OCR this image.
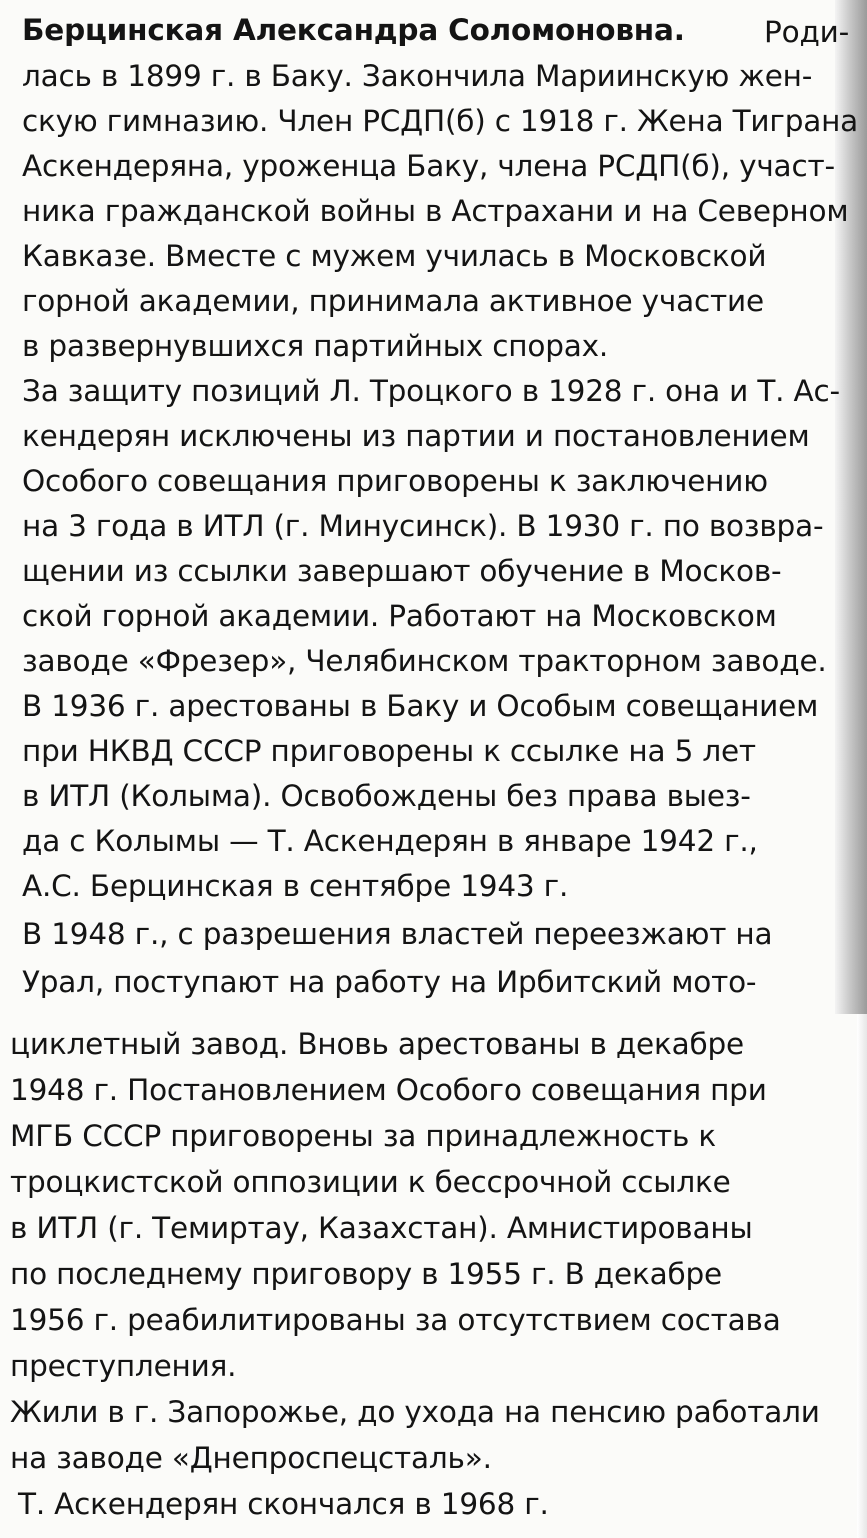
Берцинская Александра Соломоновна.	Роди-
лась в 1899 г. в Баку. Закончила Мариинскую жен-
скую гимназию. Член РСДП(б) с 1918 г. Жена Тиграна
Аскендеряна, уроженца Баку, члена РСДП(б), участ-
ника гражданской войны в Астрахани и на Северном
Кавказе. Вместе с мужем училась в Московской
горной академии, принимала активное участие
в развернувшихся партийных спорах.
За защиту позиций Л. Троцкого в 1928 г. она и Т. Ас-
кендерян исключены из партии и постановлением
Особого совещания приговорены к заключению
на 3 года в ИТЛ (г. Минусинск). В 1930 г. по возвра-
щении из ссылки завершают обучение в Москов-
ской горной академии. Работают на Московском
заводе «Фрезер», Челябинском тракторном заводе.
В 1936 г. арестованы в Баку и Особым совещанием
при НКВД СССР приговорены к ссылке на 5 лет
в ИТЛ (Колыма). Освобождены без права выез-
да с Колымы — Т. Аскендерян в январе 1942 г.,
А.С. Берцинская в сентябре 1943 г.
В 1948 г., с разрешения властей переезжают на
Урал, поступают на работу на Ирбитский мото-
циклетный завод. Вновь арестованы в декабре
1948 г. Постановлением Особого совещания при
МГБ СССР приговорены за принадлежность к
троцкистской оппозиции к бессрочной ссылке
в ИТЛ (г. Темиртау, Казахстан). Амнистированы
по последнему приговору в 1955 г. В декабре
1956 г. реабилитированы за отсутствием состава
преступления.
Жили в г. Запорожье, до ухода на пенсию работали
на заводе «Днепроспецсталь».
Т. Аскендерян скончался в 1968 г.
